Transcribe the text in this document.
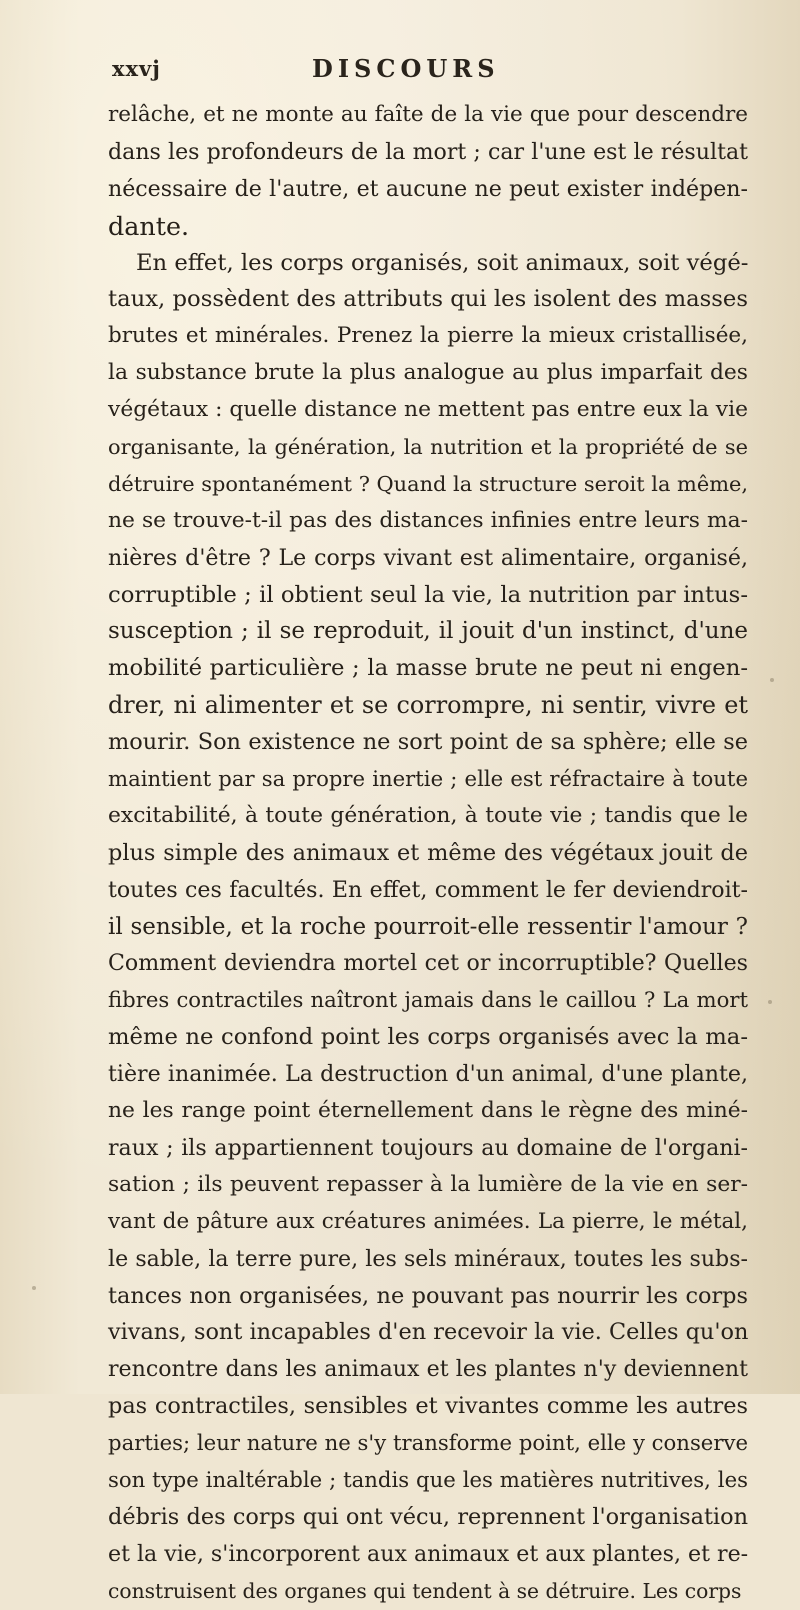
xxvj	DISCOURS
relâche, et ne monte au faîte de la vie que pour descendre
dans les profondeurs de la mort ; car l'une est le résultat
nécessaire de l'autre, et aucune ne peut exister indépen-
dante.
En effet, les corps organisés, soit animaux, soit végé-
taux, possèdent des attributs qui les isolent des masses
brutes et minérales. Prenez la pierre la mieux cristallisée,
la substance brute la plus analogue au plus imparfait des
végétaux : quelle distance ne mettent pas entre eux la vie
organisante, la génération, la nutrition et la propriété de se
détruire spontanément ? Quand la structure seroit la même,
ne se trouve-t-il pas des distances infinies entre leurs ma-
nières d'être ? Le corps vivant est alimentaire, organisé,
corruptible ; il obtient seul la vie, la nutrition par intus-
susception ; il se reproduit, il jouit d'un instinct, d'une
mobilité particulière ; la masse brute ne peut ni engen-
drer, ni alimenter et se corrompre, ni sentir, vivre et
mourir. Son existence ne sort point de sa sphère; elle se
maintient par sa propre inertie ; elle est réfractaire à toute
excitabilité, à toute génération, à toute vie ; tandis que le
plus simple des animaux et même des végétaux jouit de
toutes ces facultés. En effet, comment le fer deviendroit-
il sensible, et la roche pourroit-elle ressentir l'amour ?
Comment deviendra mortel cet or incorruptible? Quelles
fibres contractiles naîtront jamais dans le caillou ? La mort
même ne confond point les corps organisés avec la ma-
tière inanimée. La destruction d'un animal, d'une plante,
ne les range point éternellement dans le règne des miné-
raux ; ils appartiennent toujours au domaine de l'organi-
sation ; ils peuvent repasser à la lumière de la vie en ser-
vant de pâture aux créatures animées. La pierre, le métal,
le sable, la terre pure, les sels minéraux, toutes les subs-
tances non organisées, ne pouvant pas nourrir les corps
vivans, sont incapables d'en recevoir la vie. Celles qu'on
rencontre dans les animaux et les plantes n'y deviennent
pas contractiles, sensibles et vivantes comme les autres
parties; leur nature ne s'y transforme point, elle y conserve
son type inaltérable ; tandis que les matières nutritives, les
débris des corps qui ont vécu, reprennent l'organisation
et la vie, s'incorporent aux animaux et aux plantes, et re-
construisent des organes qui tendent à se détruire. Les corps
